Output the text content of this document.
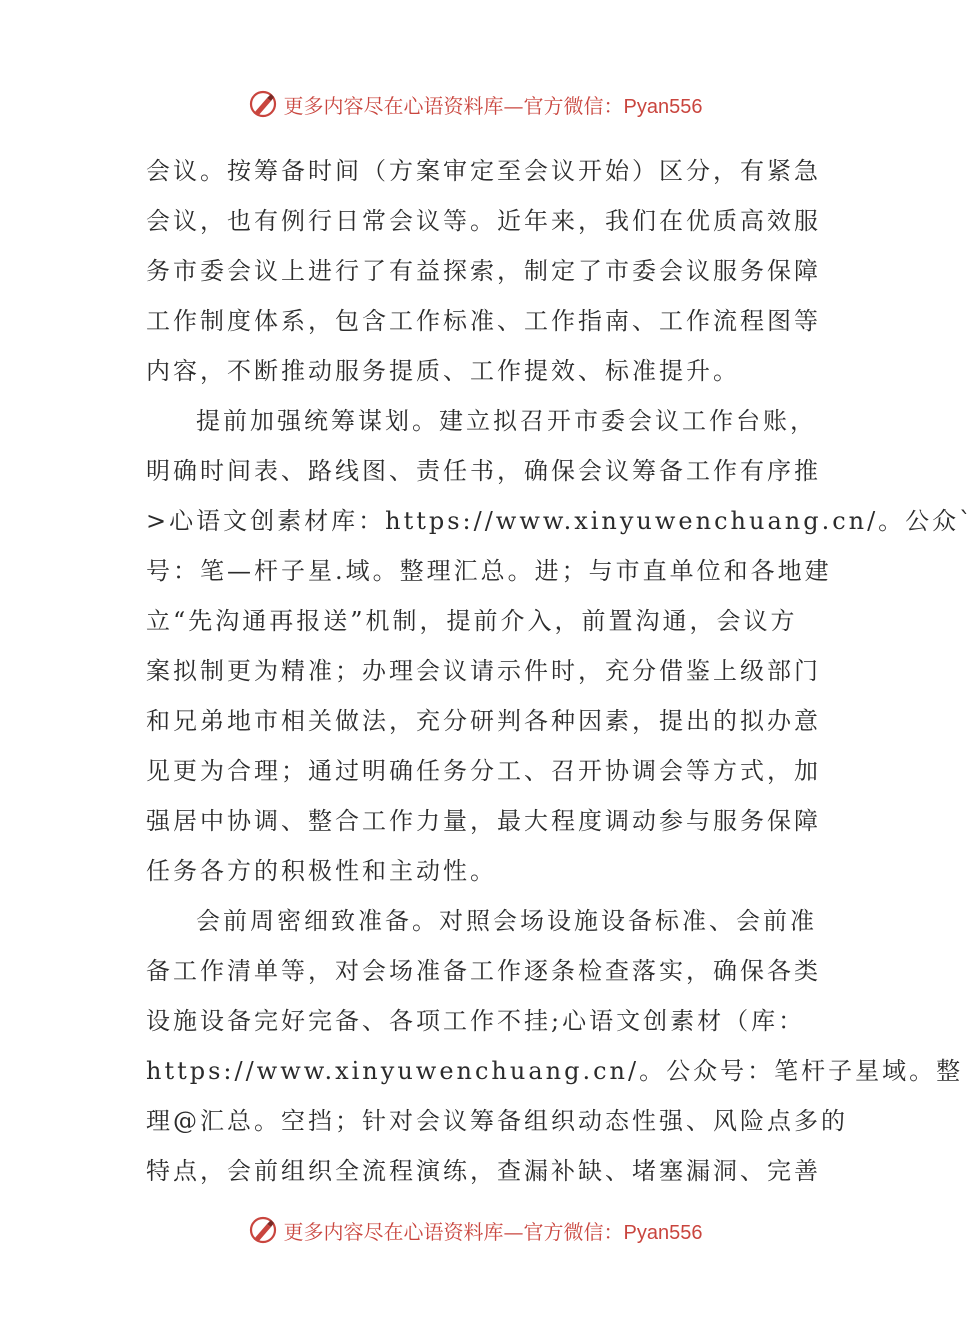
更多内容尽在心语资料库—官方微信：Pyan556
会议。按筹备时间（方案审定至会议开始）区分，有紧急
会议，也有例行日常会议等。近年来，我们在优质高效服
务市委会议上进行了有益探索，制定了市委会议服务保障
工作制度体系，包含工作标准、工作指南、工作流程图等
内容，不断推动服务提质、工作提效、标准提升。
提前加强统筹谋划。建立拟召开市委会议工作台账，
明确时间表、路线图、责任书，确保会议筹备工作有序推
>心语文创素材库：https://www.xinyuwenchuang.cn/。公众`
号：笔—杆子星.域。整理汇总。进；与市直单位和各地建
立“先沟通再报送”机制，提前介入，前置沟通，会议方
案拟制更为精准；办理会议请示件时，充分借鉴上级部门
和兄弟地市相关做法，充分研判各种因素，提出的拟办意
见更为合理；通过明确任务分工、召开协调会等方式，加
强居中协调、整合工作力量，最大程度调动参与服务保障
任务各方的积极性和主动性。
会前周密细致准备。对照会场设施设备标准、会前准
备工作清单等，对会场准备工作逐条检查落实，确保各类
设施设备完好完备、各项工作不挂;心语文创素材（库：
https://www.xinyuwenchuang.cn/。公众号：笔杆子星域。整
理@汇总。空挡；针对会议筹备组织动态性强、风险点多的
特点，会前组织全流程演练，查漏补缺、堵塞漏洞、完善
更多内容尽在心语资料库—官方微信：Pyan556
